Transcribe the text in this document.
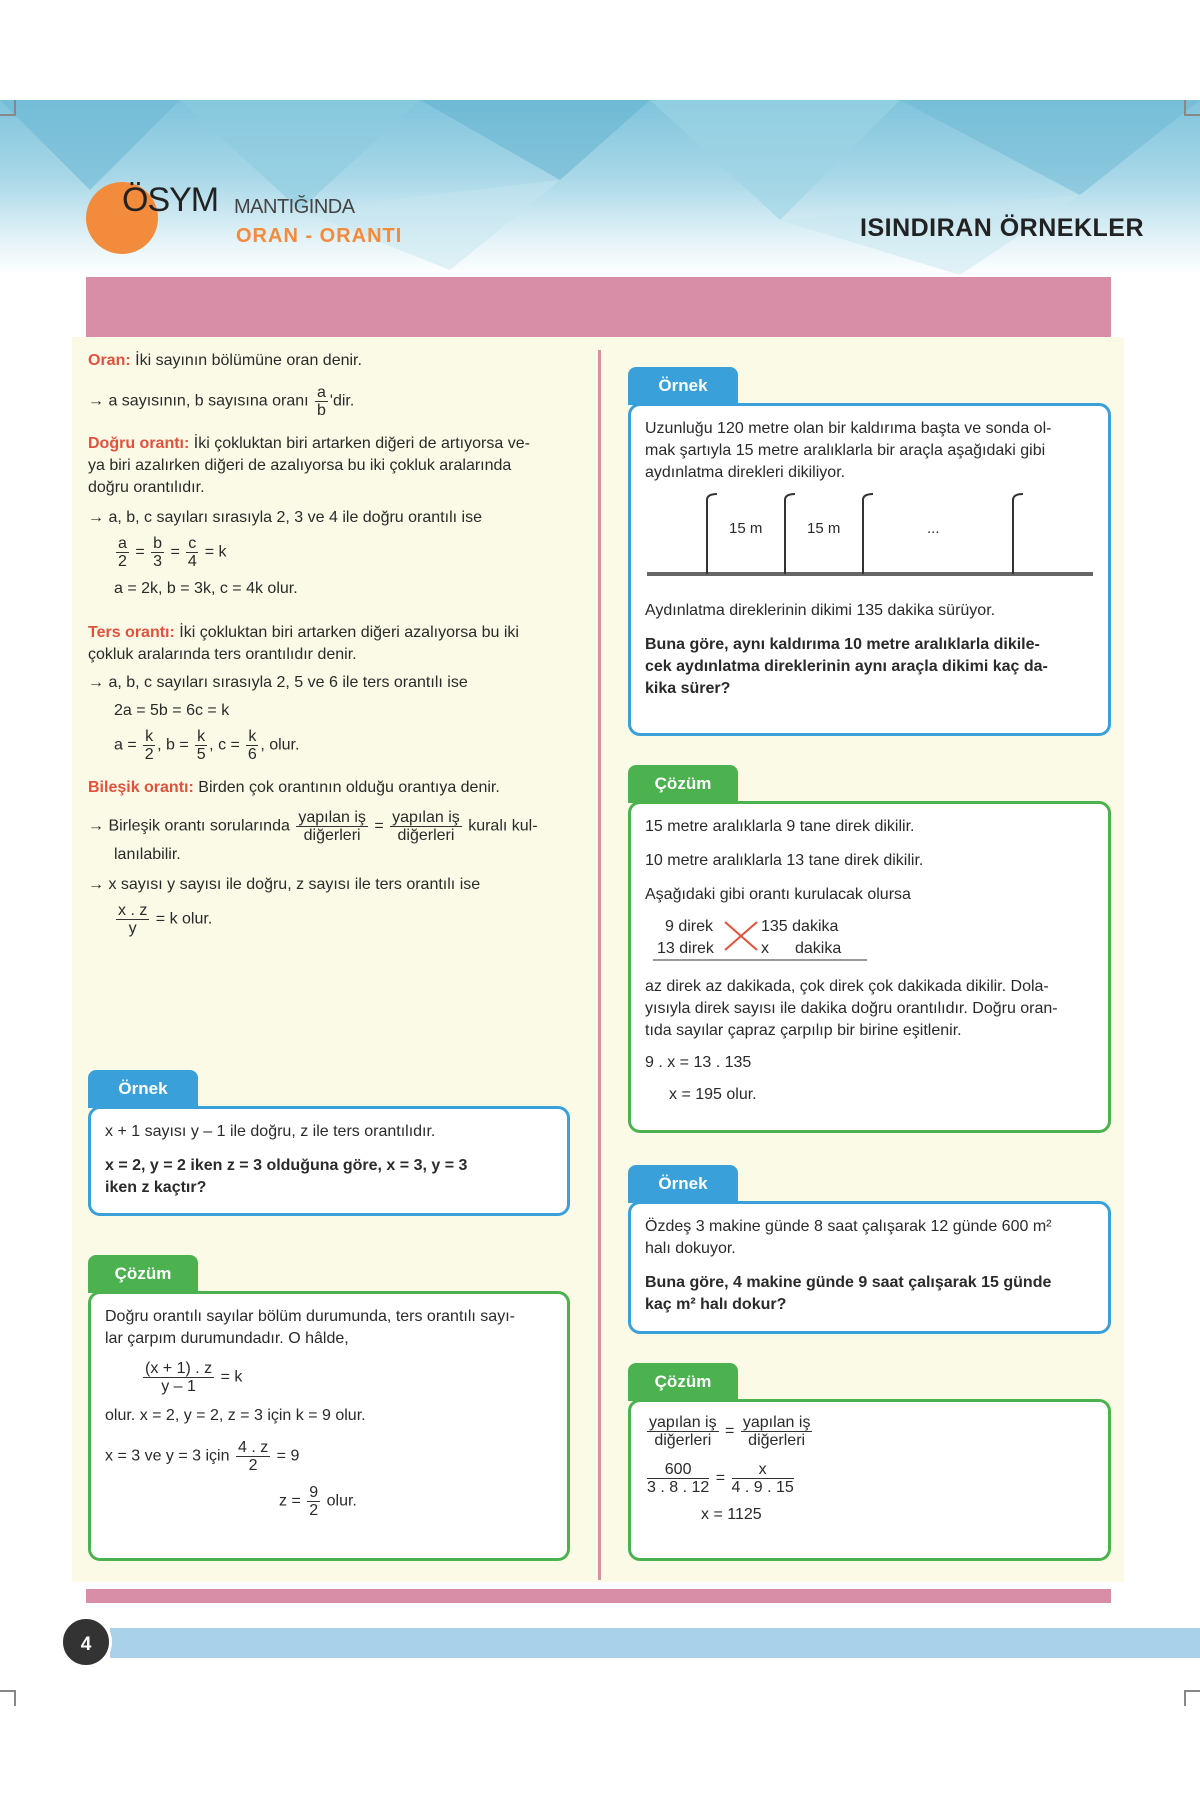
ÖSYM MANTIĞINDA
ORAN - ORANTI	ISINDIRAN ÖRNEKLER
Oran: İki sayının bölümüne oran denir.
→ a sayısının, b sayısına oranı $\frac{a}{b}$ 'dir.
Doğru orantı: İki çokluktan biri artarken diğeri de artıyorsa ve-
ya biri azalırken diğeri de azalıyorsa bu iki çokluk aralarında
doğru orantılıdır.
→ a, b, c sayıları sırasıyla 2, 3 ve 4 ile doğru orantılı ise
$\frac{a}{2} = \frac{b}{3} = \frac{c}{4} = k$
a = 2k, b = 3k, c = 4k olur.
Ters orantı: İki çokluktan biri artarken diğeri azalıyorsa bu iki
çokluk aralarında ters orantılıdır denir.
→ a, b, c sayıları sırasıyla 2, 5 ve 6 ile ters orantılı ise
2a = 5b = 6c = k
$a = \frac{k}{2}$ , $b = \frac{k}{5}$ , $c = \frac{k}{6}$ , olur.
Bileşik orantı: Birden çok orantının olduğu orantıya denir.
→ Birleşik orantı sorularında $\frac{\text{yapılan iş}}{\text{diğerleri}} = \frac{\text{yapılan iş}}{\text{diğerleri}}$ kuralı kul-
lanılabilir.
→ x sayısı y sayısı ile doğru, z sayısı ile ters orantılı ise
$\frac{x . z}{y} = k$ olur.
Örnek
x + 1 sayısı y – 1 ile doğru, z ile ters orantılıdır.
x = 2, y = 2 iken z = 3 olduğuna göre, x = 3, y = 3
iken z kaçtır?
Çözüm
Doğru orantılı sayılar bölüm durumunda, ters orantılı sayı-
lar çarpım durumundadır. O hâlde,
$\frac{(x + 1) . z}{y - 1} = k$
olur. x = 2, y = 2, z = 3 için k = 9 olur.
x = 3 ve y = 3 için $\frac{4 . z}{2} = 9$
$z = \frac{9}{2}$ olur.
Örnek
Uzunluğu 120 metre olan bir kaldırıma başta ve sonda ol-
mak şartıyla 15 metre aralıklarla bir araçla aşağıdaki gibi
aydınlatma direkleri dikiliyor.
15 m	15 m	...
Aydınlatma direklerinin dikimi 135 dakika sürüyor.
Buna göre, aynı kaldırıma 10 metre aralıklarla dikile-
cek aydınlatma direklerinin aynı araçla dikimi kaç da-
kika sürer?
Çözüm
15 metre aralıklarla 9 tane direk dikilir.
10 metre aralıklarla 13 tane direk dikilir.
Aşağıdaki gibi orantı kurulacak olursa
9 direk	135 dakika
13 direk	x dakika
az direk az dakikada, çok direk çok dakikada dikilir. Dola-
yısıyla direk sayısı ile dakika doğru orantılıdır. Doğru oran-
tıda sayılar çapraz çarpılıp bir birine eşitlenir.
9 . x = 13 . 135
x = 195 olur.
Örnek
Özdeş 3 makine günde 8 saat çalışarak 12 günde 600 m²
halı dokuyor.
Buna göre, 4 makine günde 9 saat çalışarak 15 günde
kaç m² halı dokur?
Çözüm
$\frac{\text{yapılan iş}}{\text{diğerleri}} = \frac{\text{yapılan iş}}{\text{diğerleri}}$
$\frac{600}{3 . 8 . 12} = \frac{x}{4 . 9 . 15}$
x = 1125
4
